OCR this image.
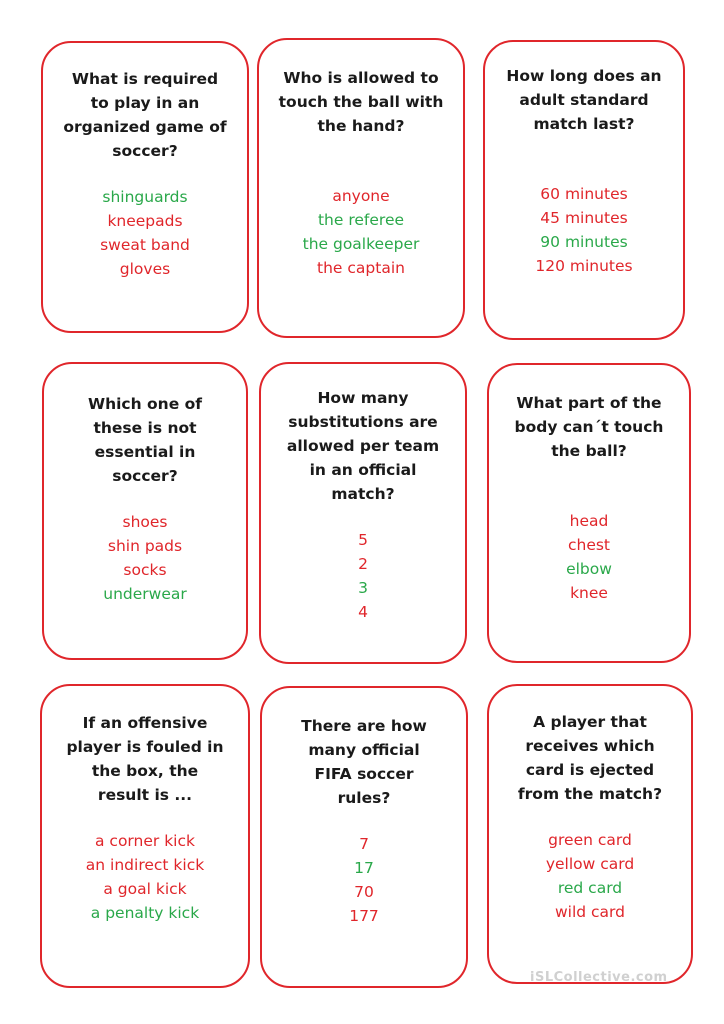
What is required
to play in an
organized game of
soccer?
shinguards
kneepads
sweat band
gloves
Who is allowed to
touch the ball with
the hand?
anyone
the referee
the goalkeeper
the captain
How long does an
adult standard
match last?
60 minutes
45 minutes
90 minutes
120 minutes
Which one of
these is not
essential in
soccer?
shoes
shin pads
socks
underwear
How many
substitutions are
allowed per team
in an official
match?
5
2
3
4
What part of the
body can´t touch
the ball?
head
chest
elbow
knee
If an offensive
player is fouled in
the box, the
result is ...
a corner kick
an indirect kick
a goal kick
a penalty kick
There are how
many official
FIFA soccer
rules?
7
17
70
177
A player that
receives which
card is ejected
from the match?
green card
yellow card
red card
wild card
iSLCollective.com
